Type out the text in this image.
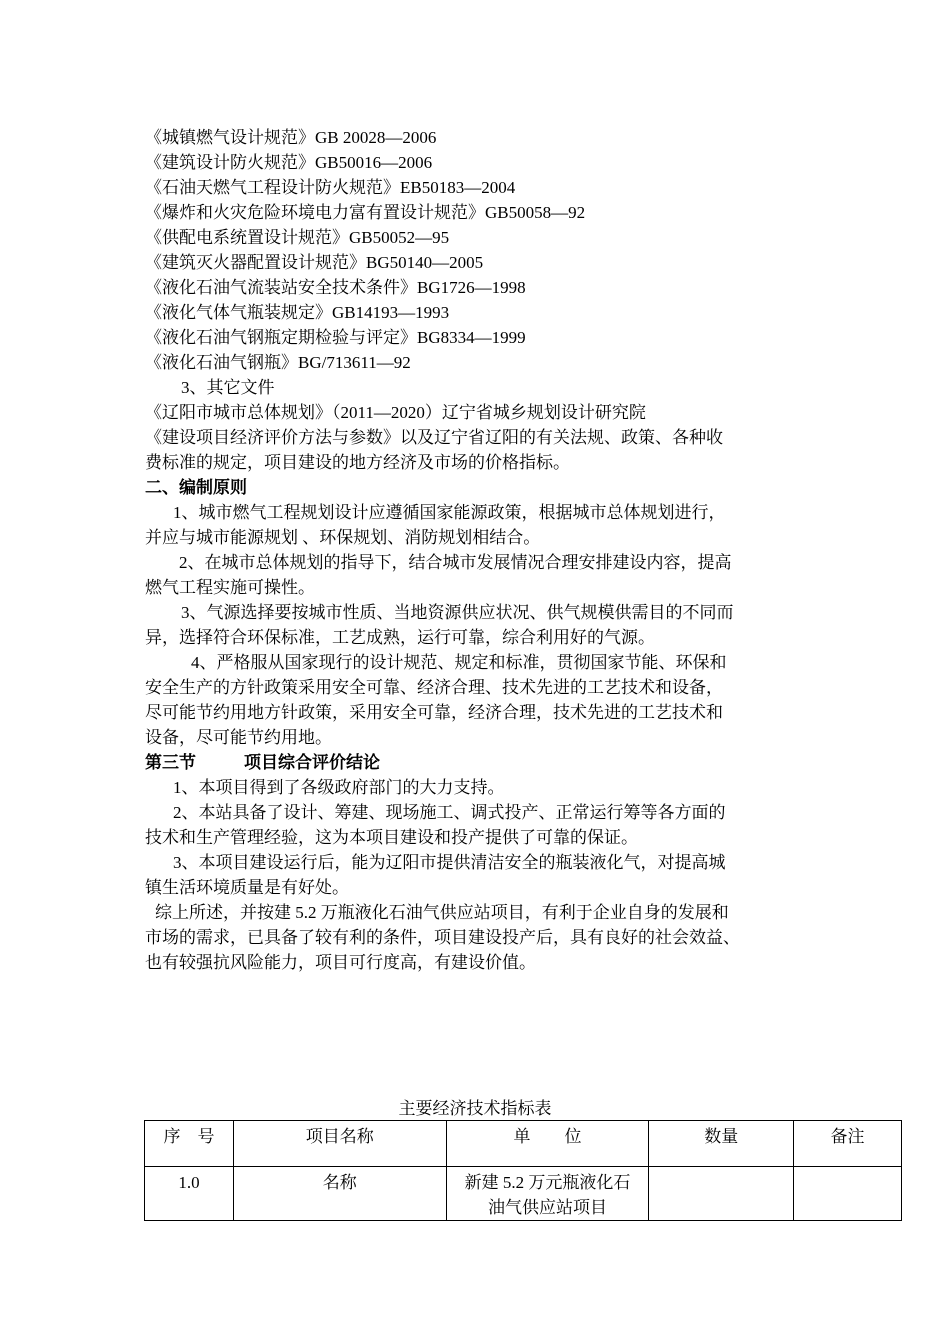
《城镇燃气设计规范》GB 20028—2006
《建筑设计防火规范》GB50016—2006
《石油天燃气工程设计防火规范》EB50183—2004
《爆炸和火灾危险环境电力富有置设计规范》GB50058—92
《供配电系统置设计规范》GB50052—95
《建筑灭火器配置设计规范》BG50140—2005
《液化石油气流装站安全技术条件》BG1726—1998
《液化气体气瓶装规定》GB14193—1993
《液化石油气钢瓶定期检验与评定》BG8334—1999
《液化石油气钢瓶》BG/713611—92
3、其它文件
《辽阳市城市总体规划》（2011—2020）辽宁省城乡规划设计研究院
《建设项目经济评价方法与参数》以及辽宁省辽阳的有关法规、政策、各种收
费标准的规定，项目建设的地方经济及市场的价格指标。
二、编制原则
1、城市燃气工程规划设计应遵循国家能源政策，根据城市总体规划进行，
并应与城市能源规划 、环保规划、消防规划相结合。
2、在城市总体规划的指导下，结合城市发展情况合理安排建设内容，提高
燃气工程实施可操性。
3、气源选择要按城市性质、当地资源供应状况、供气规模供需目的不同而
异，选择符合环保标准，工艺成熟，运行可靠，综合利用好的气源。
4、严格服从国家现行的设计规范、规定和标准，贯彻国家节能、环保和
安全生产的方针政策采用安全可靠、经济合理、技术先进的工艺技术和设备，
尽可能节约用地方针政策，采用安全可靠，经济合理，技术先进的工艺技术和
设备，尽可能节约用地。
第三节	项目综合评价结论
1、本项目得到了各级政府部门的大力支持。
2、本站具备了设计、筹建、现场施工、调式投产、正常运行筹等各方面的
技术和生产管理经验，这为本项目建设和投产提供了可靠的保证。
3、本项目建设运行后，能为辽阳市提供清洁安全的瓶装液化气，对提高城
镇生活环境质量是有好处。
综上所述，并按建 5.2 万瓶液化石油气供应站项目，有利于企业自身的发展和
市场的需求，已具备了较有利的条件，项目建设投产后，具有良好的社会效益、
也有较强抗风险能力，项目可行度高，有建设价值。
主要经济技术指标表
序　号	项目名称	单　　位	数量	备注
1.0	名称	新建 5.2 万元瓶液化石
油气供应站项目		
